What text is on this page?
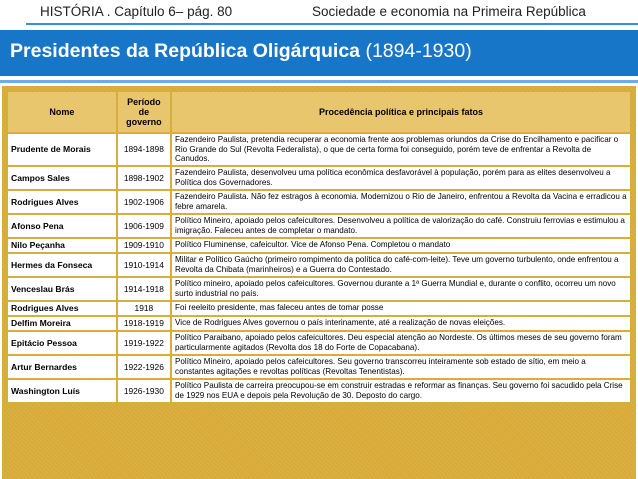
HISTÓRIA . Capítulo 6– pág. 80	Sociedade e economia na Primeira República
Presidentes da República Oligárquica (1894-1930)
Nome	Período de governo	Procedência política e principais fatos
Prudente de Morais	1894-1898	Fazendeiro Paulista, pretendia recuperar a economia frente aos problemas oriundos da Crise do Encilhamento e pacificar o Rio Grande do Sul (Revolta Federalista), o que de certa forma foi conseguido, porém teve de enfrentar a Revolta de Canudos.
Campos Sales	1898-1902	Fazendeiro Paulista, desenvolveu uma política econômica desfavorável à população, porém para as elites desenvolveu a Política dos Governadores.
Rodrigues Alves	1902-1906	Fazendeiro Paulista. Não fez estragos à economia. Modernizou o Rio de Janeiro, enfrentou a Revolta da Vacina e erradicou a febre amarela.
Afonso Pena	1906-1909	Político Mineiro, apoiado pelos cafeicultores. Desenvolveu a política de valorização do café. Construiu ferrovias e estimulou a imigração. Faleceu antes de completar o mandato.
Nilo Peçanha	1909-1910	Político Fluminense, cafeicultor. Vice de Afonso Pena. Completou o mandato
Hermes da Fonseca	1910-1914	Militar e Político Gaúcho (primeiro rompimento da política do café-com-leite). Teve um governo turbulento, onde enfrentou a Revolta da Chibata (marinheiros) e a Guerra do Contestado.
Venceslau Brás	1914-1918	Político mineiro, apoiado pelos cafeicultores. Governou durante a 1ª Guerra Mundial e, durante o conflito, ocorreu um novo surto industrial no país.
Rodrigues Alves	1918	Foi reeleito presidente, mas faleceu antes de tomar posse
Delfim Moreira	1918-1919	Vice de Rodrigues Alves governou o país interinamente, até a realização de novas eleições.
Epitácio Pessoa	1919-1922	Político Paraibano, apoiado pelos cafeicultores. Deu especial atenção ao Nordeste. Os últimos meses de seu governo foram particularmente agitados (Revolta dos 18 do Forte de Copacabana).
Artur Bernardes	1922-1926	Político Mineiro, apoiado pelos cafeicultores. Seu governo transcorreu inteiramente sob estado de sítio, em meio a constantes agitações e revoltas políticas (Revoltas Tenentistas).
Washington Luís	1926-1930	Político Paulista de carreira preocupou-se em construir estradas e reformar as finanças. Seu governo foi sacudido pela Crise de 1929 nos EUA e depois pela Revolução de 30. Deposto do cargo.
